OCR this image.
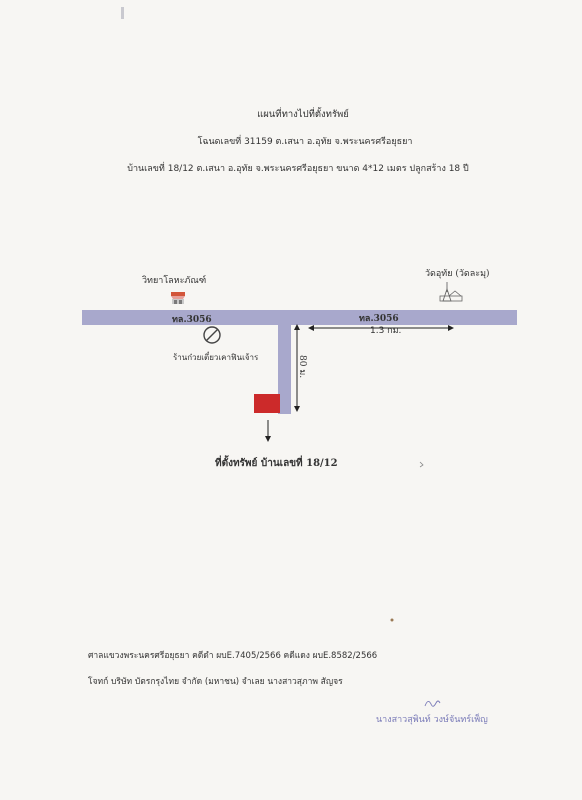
แผนที่ทางไปที่ตั้งทรัพย์
โฉนดเลขที่ 31159 ต.เสนา อ.อุทัย จ.พระนครศรีอยุธยา
บ้านเลขที่ 18/12 ต.เสนา อ.อุทัย จ.พระนครศรีอยุธยา ขนาด 4*12 เมตร ปลูกสร้าง 18 ปี
ทล.3056	ทล.3056
วิทยาโลหะภัณฑ์
วัดอุทัย (วัดละมุ)
ร้านก๋วยเตี๋ยวเคาฟินเจ้าร
1.3 กม.
80 ม.
ที่ตั้งทรัพย์ บ้านเลขที่ 18/12
ศาลแขวงพระนครศรีอยุธยา คดีดำ ผบE.7405/2566 คดีแดง ผบE.8582/2566
โจทก์ บริษัท บัตรกรุงไทย จำกัด (มหาชน) จำเลย นางสาวสุภาพ สัญจร
นางสาวสุพินท์ วงษ์จันทร์เพ็ญ
